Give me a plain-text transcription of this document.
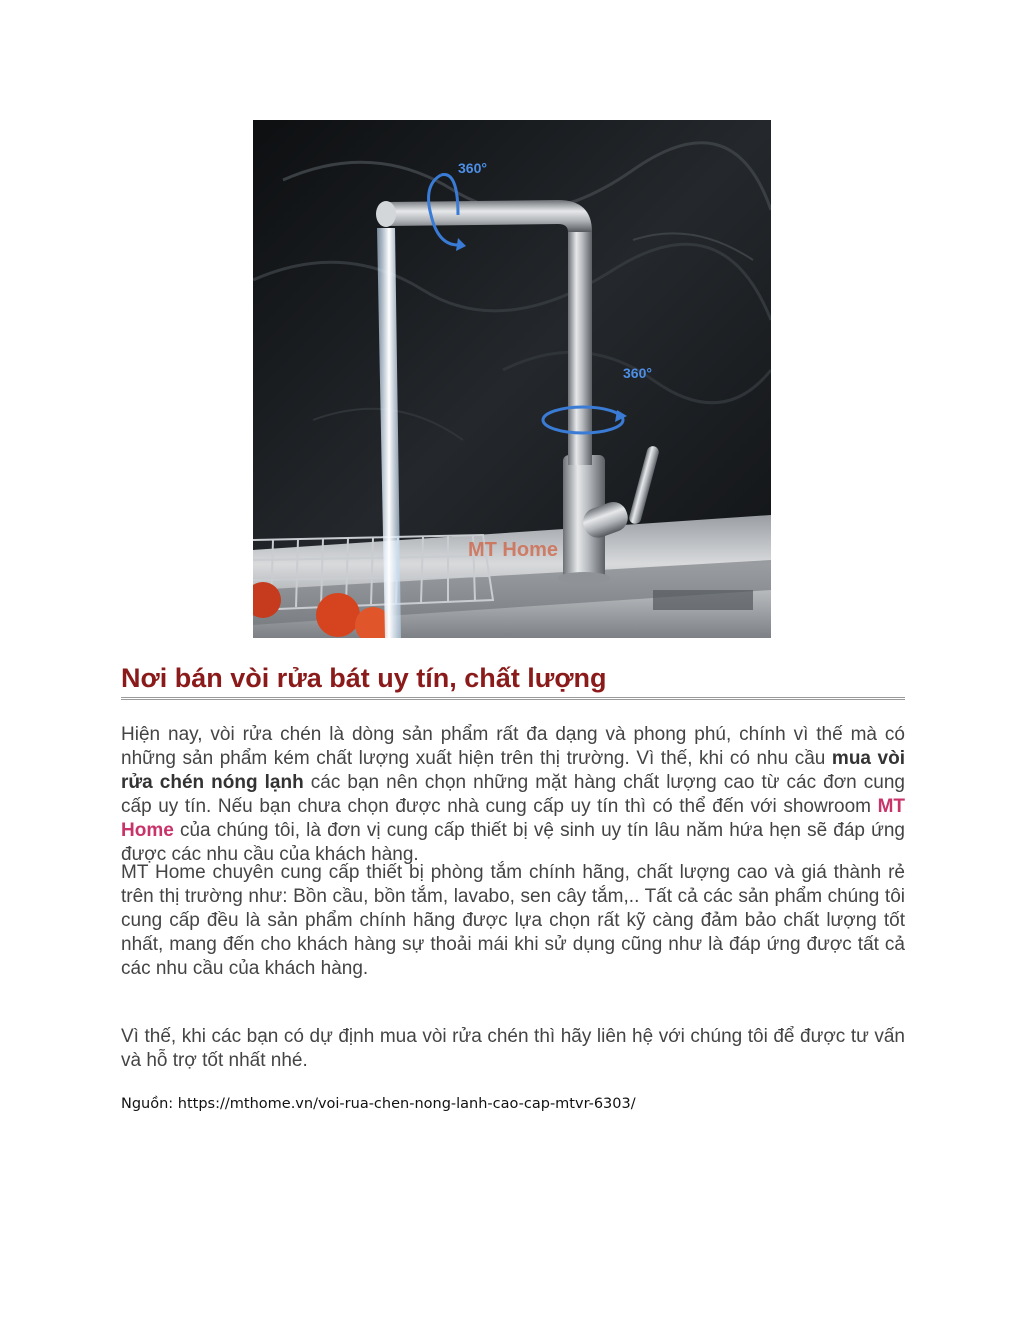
360°
360°
MT Home
Nơi bán vòi rửa bát uy tín, chất lượng

Hiện nay, vòi rửa chén là dòng sản phẩm rất đa dạng và phong phú, chính vì thế mà có những sản phẩm kém chất lượng xuất hiện trên thị trường. Vì thế, khi có nhu cầu mua vòi rửa chén nóng lạnh các bạn nên chọn những mặt hàng chất lượng cao từ các đơn cung cấp uy tín. Nếu bạn chưa chọn được nhà cung cấp uy tín thì có thể đến với showroom MT Home của chúng tôi, là đơn vị cung cấp thiết bị vệ sinh uy tín lâu năm hứa hẹn sẽ đáp ứng được các nhu cầu của khách hàng.

MT Home chuyên cung cấp thiết bị phòng tắm chính hãng, chất lượng cao và giá thành rẻ trên thị trường như: Bồn cầu, bồn tắm, lavabo, sen cây tắm,.. Tất cả các sản phẩm chúng tôi cung cấp đều là sản phẩm chính hãng được lựa chọn rất kỹ càng đảm bảo chất lượng tốt nhất, mang đến cho khách hàng sự thoải mái khi sử dụng cũng như là đáp ứng được tất cả các nhu cầu của khách hàng.

Vì thế, khi các bạn có dự định mua vòi rửa chén thì hãy liên hệ với chúng tôi để được tư vấn và hỗ trợ tốt nhất nhé.

Nguồn: https://mthome.vn/voi-rua-chen-nong-lanh-cao-cap-mtvr-6303/
